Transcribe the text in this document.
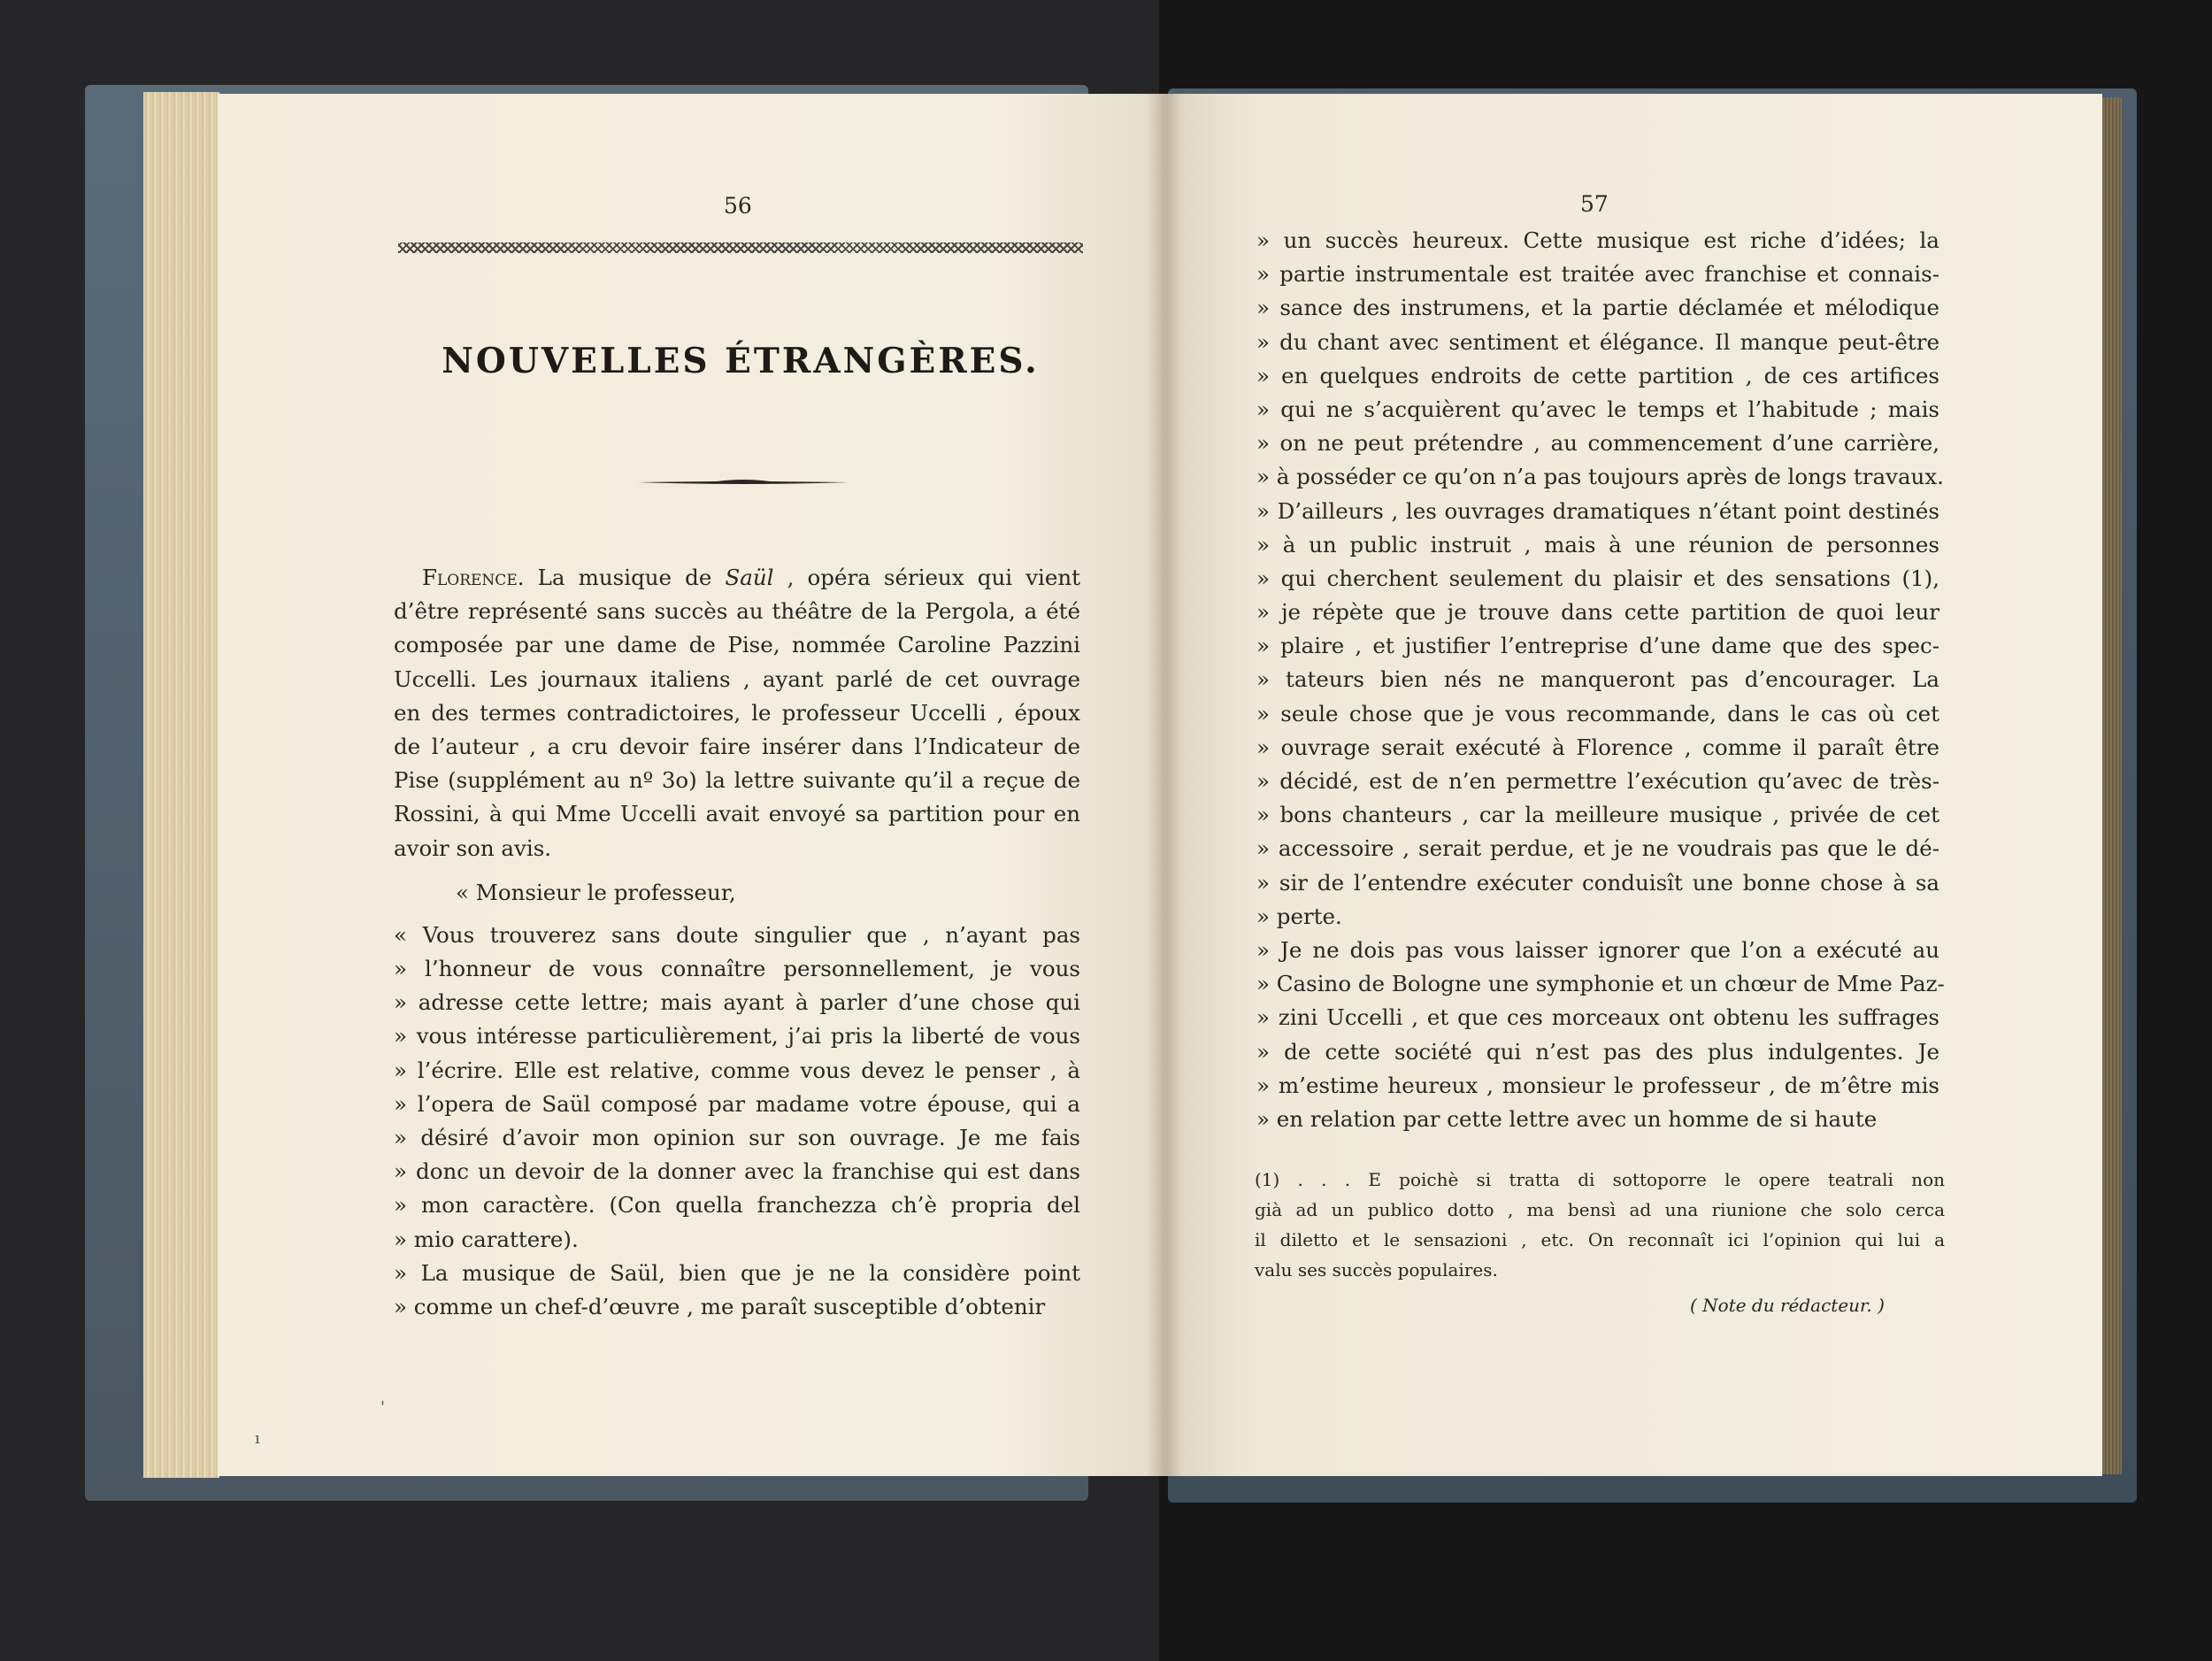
56
NOUVELLES ÉTRANGÈRES.
Florence. La musique de Saül , opéra sérieux qui vient
d’être représenté sans succès au théâtre de la Pergola, a été
composée par une dame de Pise, nommée Caroline Pazzini
Uccelli. Les journaux italiens , ayant parlé de cet ouvrage
en des termes contradictoires, le professeur Uccelli , époux
de l’auteur , a cru devoir faire insérer dans l’Indicateur de
Pise (supplément au nº 3o) la lettre suivante qu’il a reçue de
Rossini, à qui Mme Uccelli avait envoyé sa partition pour en
avoir son avis.
« Monsieur le professeur,
« Vous trouverez sans doute singulier que , n’ayant pas
» l’honneur de vous connaître personnellement, je vous
» adresse cette lettre; mais ayant à parler d’une chose qui
» vous intéresse particulièrement, j’ai pris la liberté de vous
» l’écrire. Elle est relative, comme vous devez le penser , à
» l’opera de Saül composé par madame votre épouse, qui a
» désiré d’avoir mon opinion sur son ouvrage. Je me fais
» donc un devoir de la donner avec la franchise qui est dans
» mon caractère. (Con quella franchezza ch’è propria del
» mio carattere).
» La musique de Saül, bien que je ne la considère point
» comme un chef-d’œuvre , me paraît susceptible d’obtenir
57
» un succès heureux. Cette musique est riche d’idées; la
» partie instrumentale est traitée avec franchise et connais-
» sance des instrumens, et la partie déclamée et mélodique
» du chant avec sentiment et élégance. Il manque peut-être
» en quelques endroits de cette partition , de ces artifices
» qui ne s’acquièrent qu’avec le temps et l’habitude ; mais
» on ne peut prétendre , au commencement d’une carrière,
» à posséder ce qu’on n’a pas toujours après de longs travaux.
» D’ailleurs , les ouvrages dramatiques n’étant point destinés
» à un public instruit , mais à une réunion de personnes
» qui cherchent seulement du plaisir et des sensations (1),
» je répète que je trouve dans cette partition de quoi leur
» plaire , et justifier l’entreprise d’une dame que des spec-
» tateurs bien nés ne manqueront pas d’encourager. La
» seule chose que je vous recommande, dans le cas où cet
» ouvrage serait exécuté à Florence , comme il paraît être
» décidé, est de n’en permettre l’exécution qu’avec de très-
» bons chanteurs , car la meilleure musique , privée de cet
» accessoire , serait perdue, et je ne voudrais pas que le dé-
» sir de l’entendre exécuter conduisît une bonne chose à sa
» perte.
» Je ne dois pas vous laisser ignorer que l’on a exécuté au
» Casino de Bologne une symphonie et un chœur de Mme Paz-
» zini Uccelli , et que ces morceaux ont obtenu les suffrages
» de cette société qui n’est pas des plus indulgentes. Je
» m’estime heureux , monsieur le professeur , de m’être mis
» en relation par cette lettre avec un homme de si haute
(1) . . . E poichè si tratta di sottoporre le opere teatrali non
già ad un publico dotto , ma bensì ad una riunione che solo cerca
il diletto et le sensazioni , etc. On reconnaît ici l’opinion qui lui a
valu ses succès populaires.
( Note du rédacteur. )
'
ı
